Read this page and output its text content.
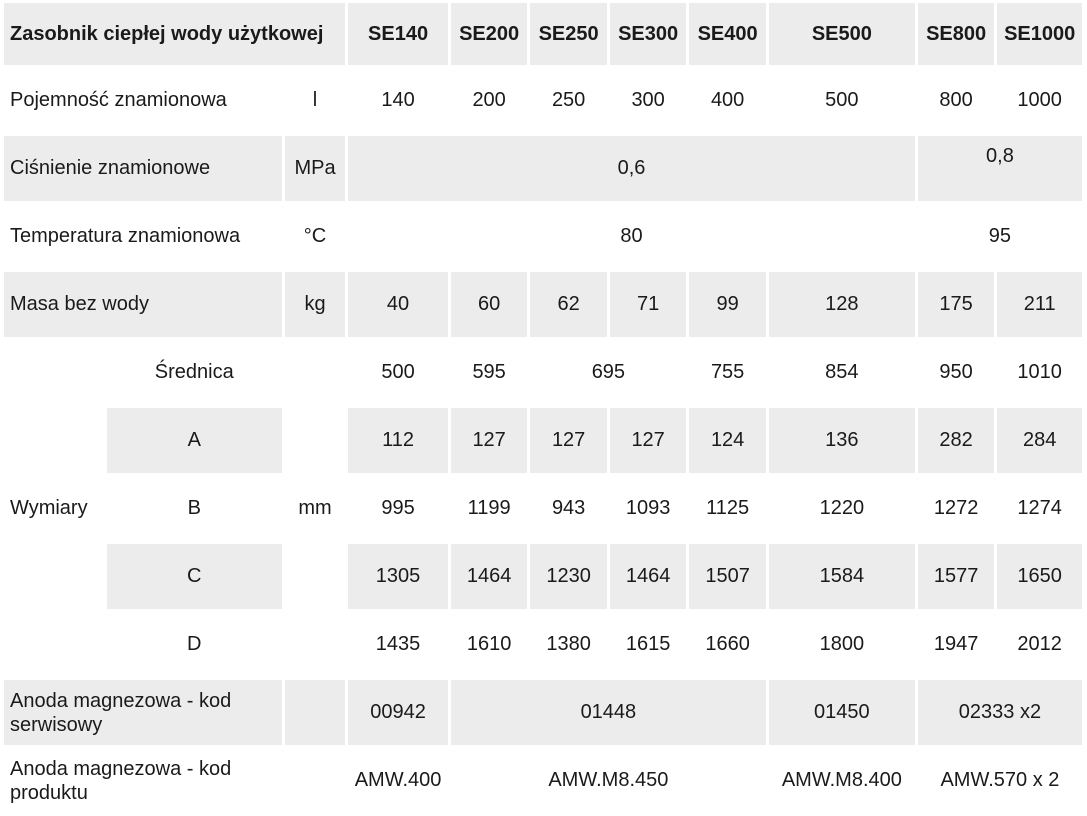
Zasobnik ciepłej wody użytkowej			SE140	SE200	SE250	SE300	SE400	SE500	SE800	SE1000
Pojemność znamionowa		l	140	200	250	300	400	500	800	1000
Ciśnienie znamionowe		MPa	0,6						0,8	
Temperatura znamionowa		°C	80						95	
Masa bez wody		kg	40	60	62	71	99	128	175	211
Wymiary	Średnica	mm	500	595	695		755	854	950	1010
	A		112	127	127	127	124	136	282	284
	B		995	1199	943	1093	1125	1220	1272	1274
	C		1305	1464	1230	1464	1507	1584	1577	1650
	D		1435	1610	1380	1615	1660	1800	1947	2012
Anoda magnezowa - kod serwisowy			00942	01448				01450	02333 x2	
Anoda magnezowa - kod produktu			AMW.400	AMW.M8.450				AMW.M8.400	AMW.570 x 2	
